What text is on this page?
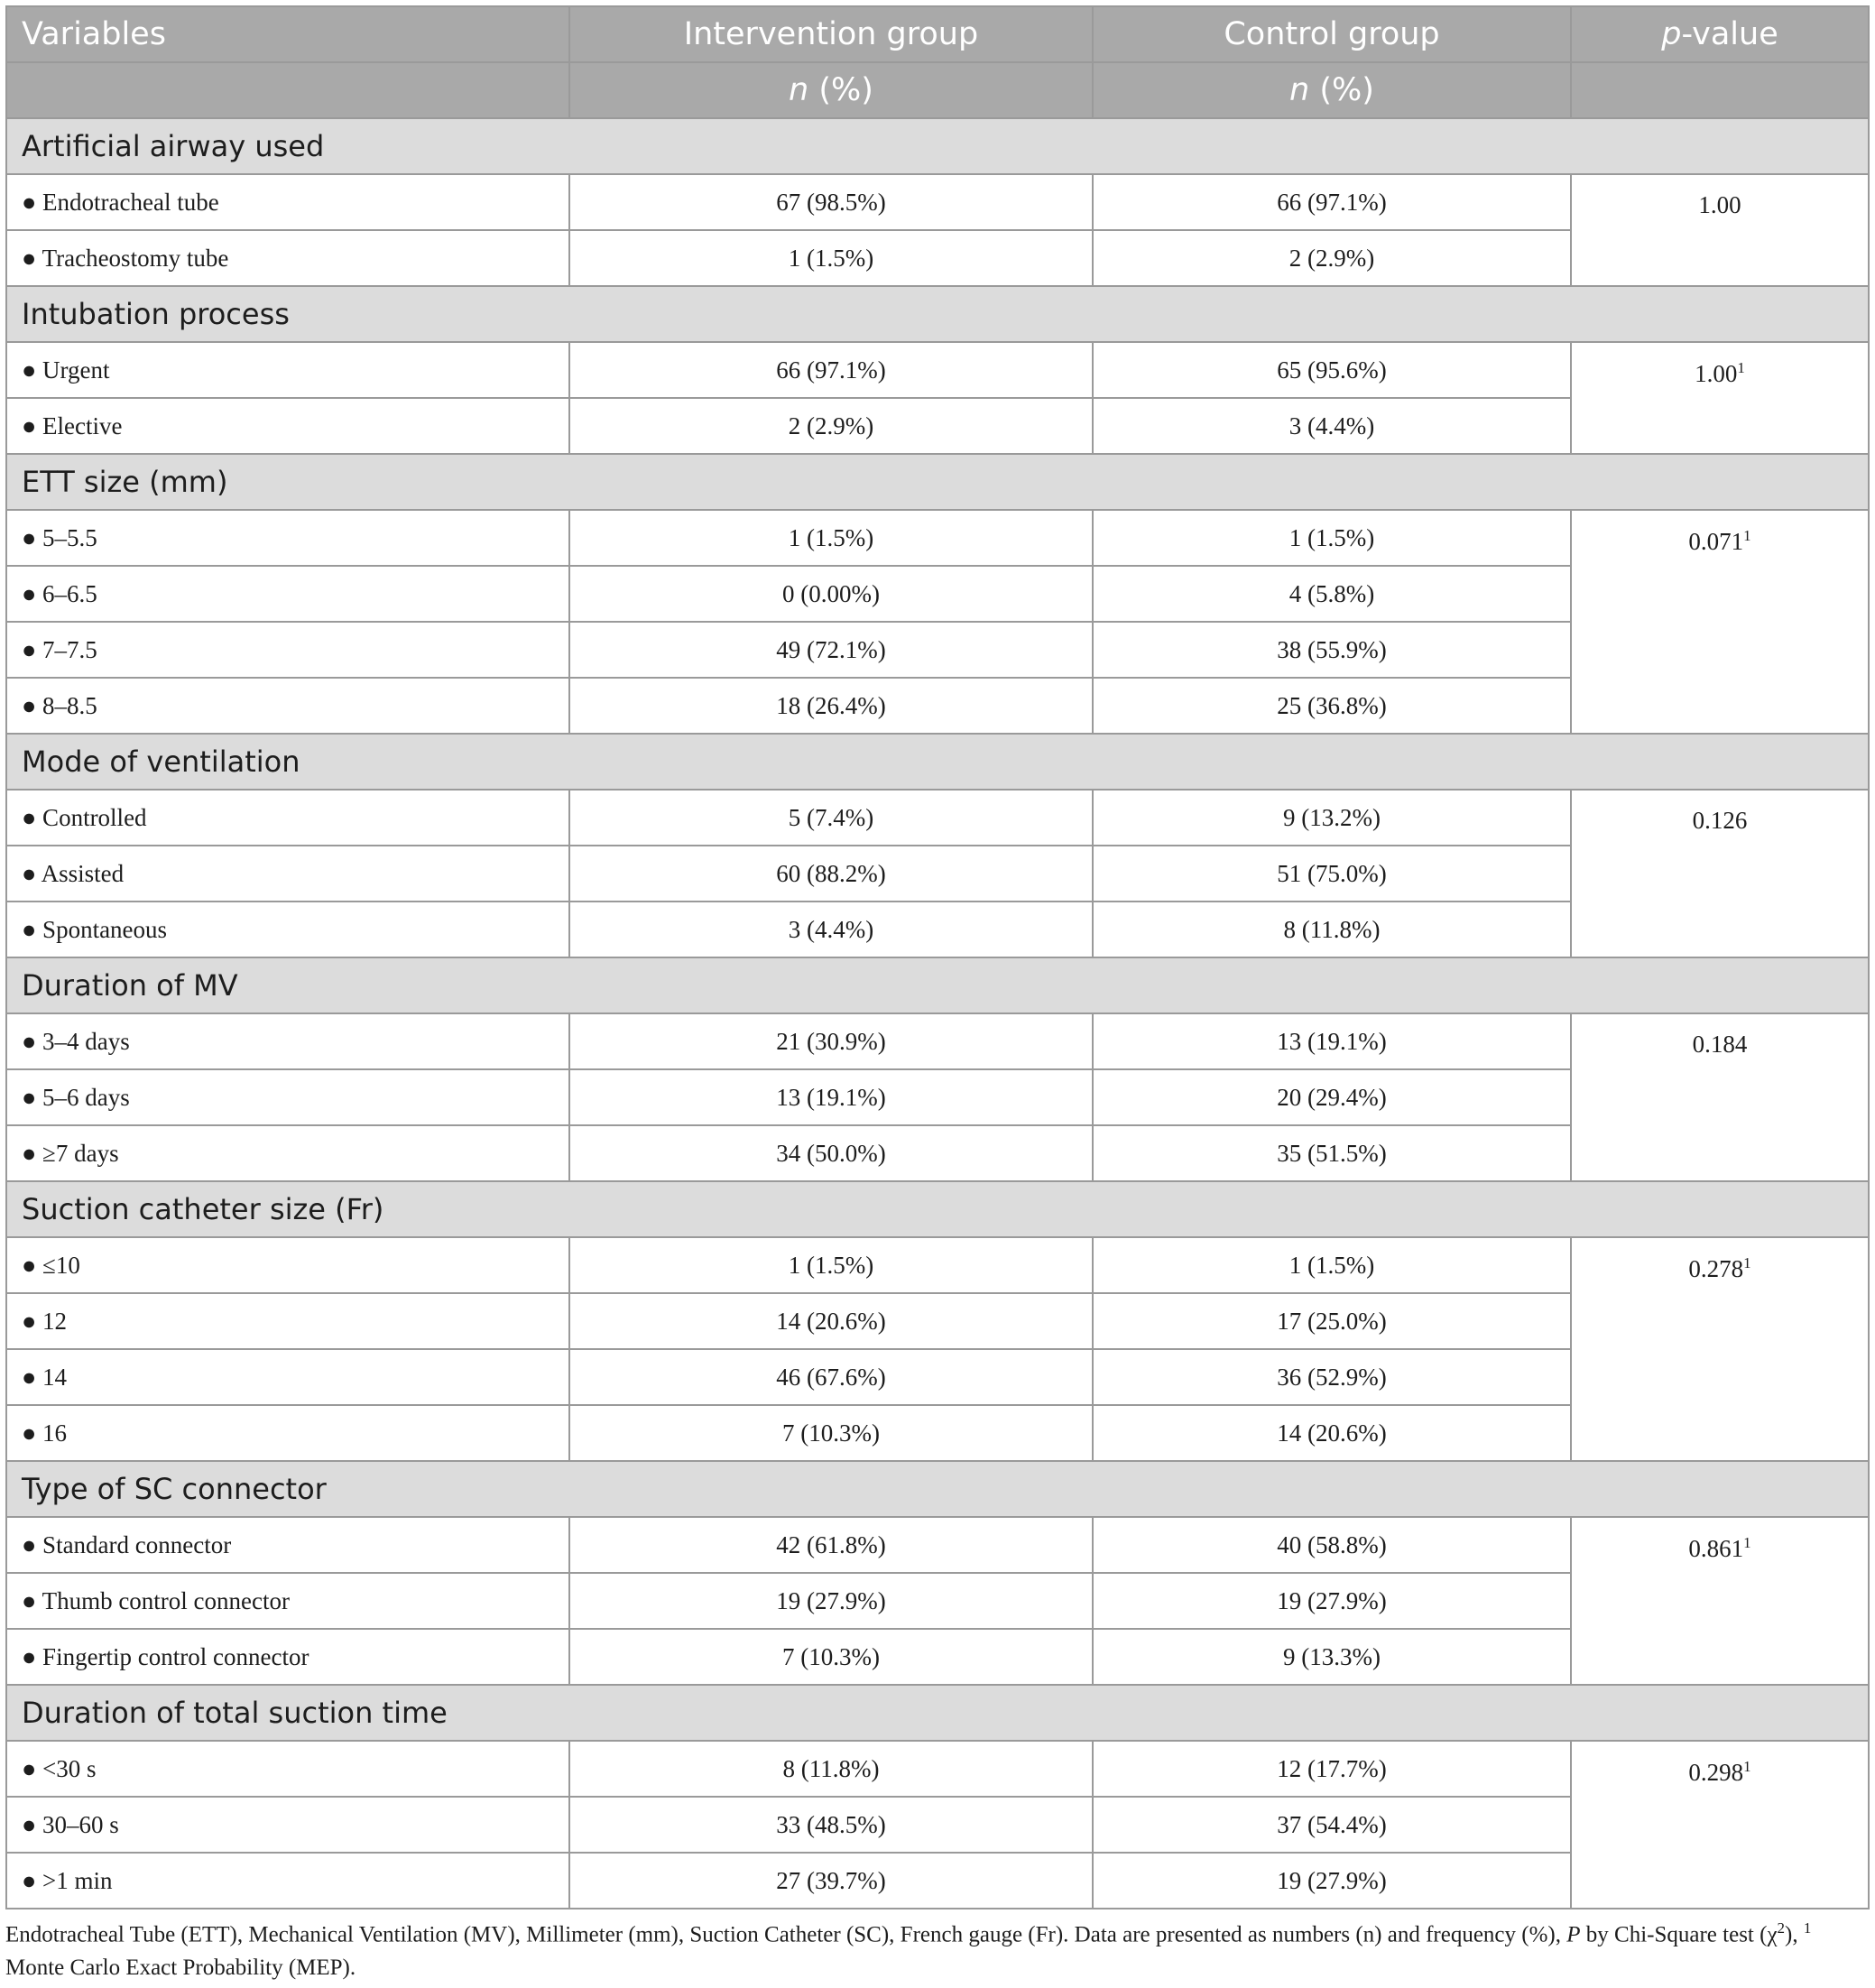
Variables	Intervention group	Control group	p-value
	n (%)	n (%)	
Artificial airway used			
● Endotracheal tube	67 (98.5%)	66 (97.1%)	1.00
● Tracheostomy tube	1 (1.5%)	2 (2.9%)	
Intubation process			
● Urgent	66 (97.1%)	65 (95.6%)	1.00$^1$
● Elective	2 (2.9%)	3 (4.4%)	
ETT size (mm)			
● 5–5.5	1 (1.5%)	1 (1.5%)	0.071$^1$
● 6–6.5	0 (0.00%)	4 (5.8%)	
● 7–7.5	49 (72.1%)	38 (55.9%)	
● 8–8.5	18 (26.4%)	25 (36.8%)	
Mode of ventilation			
● Controlled	5 (7.4%)	9 (13.2%)	0.126
● Assisted	60 (88.2%)	51 (75.0%)	
● Spontaneous	3 (4.4%)	8 (11.8%)	
Duration of MV			
● 3–4 days	21 (30.9%)	13 (19.1%)	0.184
● 5–6 days	13 (19.1%)	20 (29.4%)	
● ≥7 days	34 (50.0%)	35 (51.5%)	
Suction catheter size (Fr)			
● ≤10	1 (1.5%)	1 (1.5%)	0.278$^1$
● 12	14 (20.6%)	17 (25.0%)	
● 14	46 (67.6%)	36 (52.9%)	
● 16	7 (10.3%)	14 (20.6%)	
Type of SC connector			
● Standard connector	42 (61.8%)	40 (58.8%)	0.861$^1$
● Thumb control connector	19 (27.9%)	19 (27.9%)	
● Fingertip control connector	7 (10.3%)	9 (13.3%)	
Duration of total suction time			
● <30 s	8 (11.8%)	12 (17.7%)	0.298$^1$
● 30–60 s	33 (48.5%)	37 (54.4%)	
● >1 min	27 (39.7%)	19 (27.9%)	
Endotracheal Tube (ETT), Mechanical Ventilation (MV), Millimeter (mm), Suction Catheter (SC), French gauge (Fr). Data are presented as numbers (n) and frequency (%), P by Chi-Square test $(\chi^2)$, $^1$ Monte Carlo Exact Probability (MEP).
